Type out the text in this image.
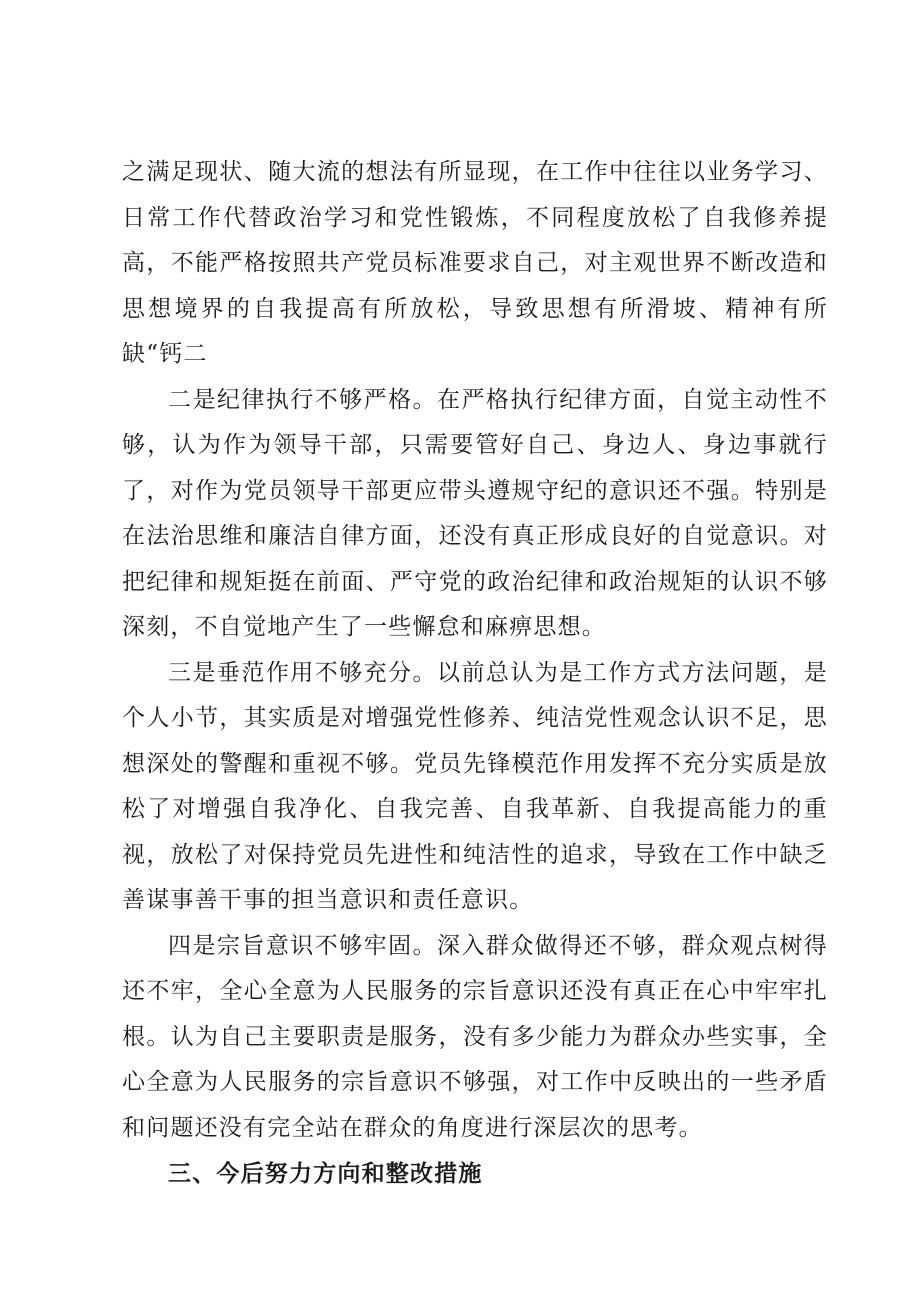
之满足现状、随大流的想法有所显现，在工作中往往以业务学习、日常工作代替政治学习和党性锻炼，不同程度放松了自我修养提高，不能严格按照共产党员标准要求自己，对主观世界不断改造和思想境界的自我提高有所放松，导致思想有所滑坡、精神有所缺“钙二

二是纪律执行不够严格。在严格执行纪律方面，自觉主动性不够，认为作为领导干部，只需要管好自己、身边人、身边事就行了，对作为党员领导干部更应带头遵规守纪的意识还不强。特别是在法治思维和廉洁自律方面，还没有真正形成良好的自觉意识。对把纪律和规矩挺在前面、严守党的政治纪律和政治规矩的认识不够深刻，不自觉地产生了一些懈怠和麻痹思想。

三是垂范作用不够充分。以前总认为是工作方式方法问题，是个人小节，其实质是对增强党性修养、纯洁党性观念认识不足，思想深处的警醒和重视不够。党员先锋模范作用发挥不充分实质是放松了对增强自我净化、自我完善、自我革新、自我提高能力的重视，放松了对保持党员先进性和纯洁性的追求，导致在工作中缺乏善谋事善干事的担当意识和责任意识。

四是宗旨意识不够牢固。深入群众做得还不够，群众观点树得还不牢，全心全意为人民服务的宗旨意识还没有真正在心中牢牢扎根。认为自己主要职责是服务，没有多少能力为群众办些实事，全心全意为人民服务的宗旨意识不够强，对工作中反映出的一些矛盾和问题还没有完全站在群众的角度进行深层次的思考。

三、今后努力方向和整改措施
